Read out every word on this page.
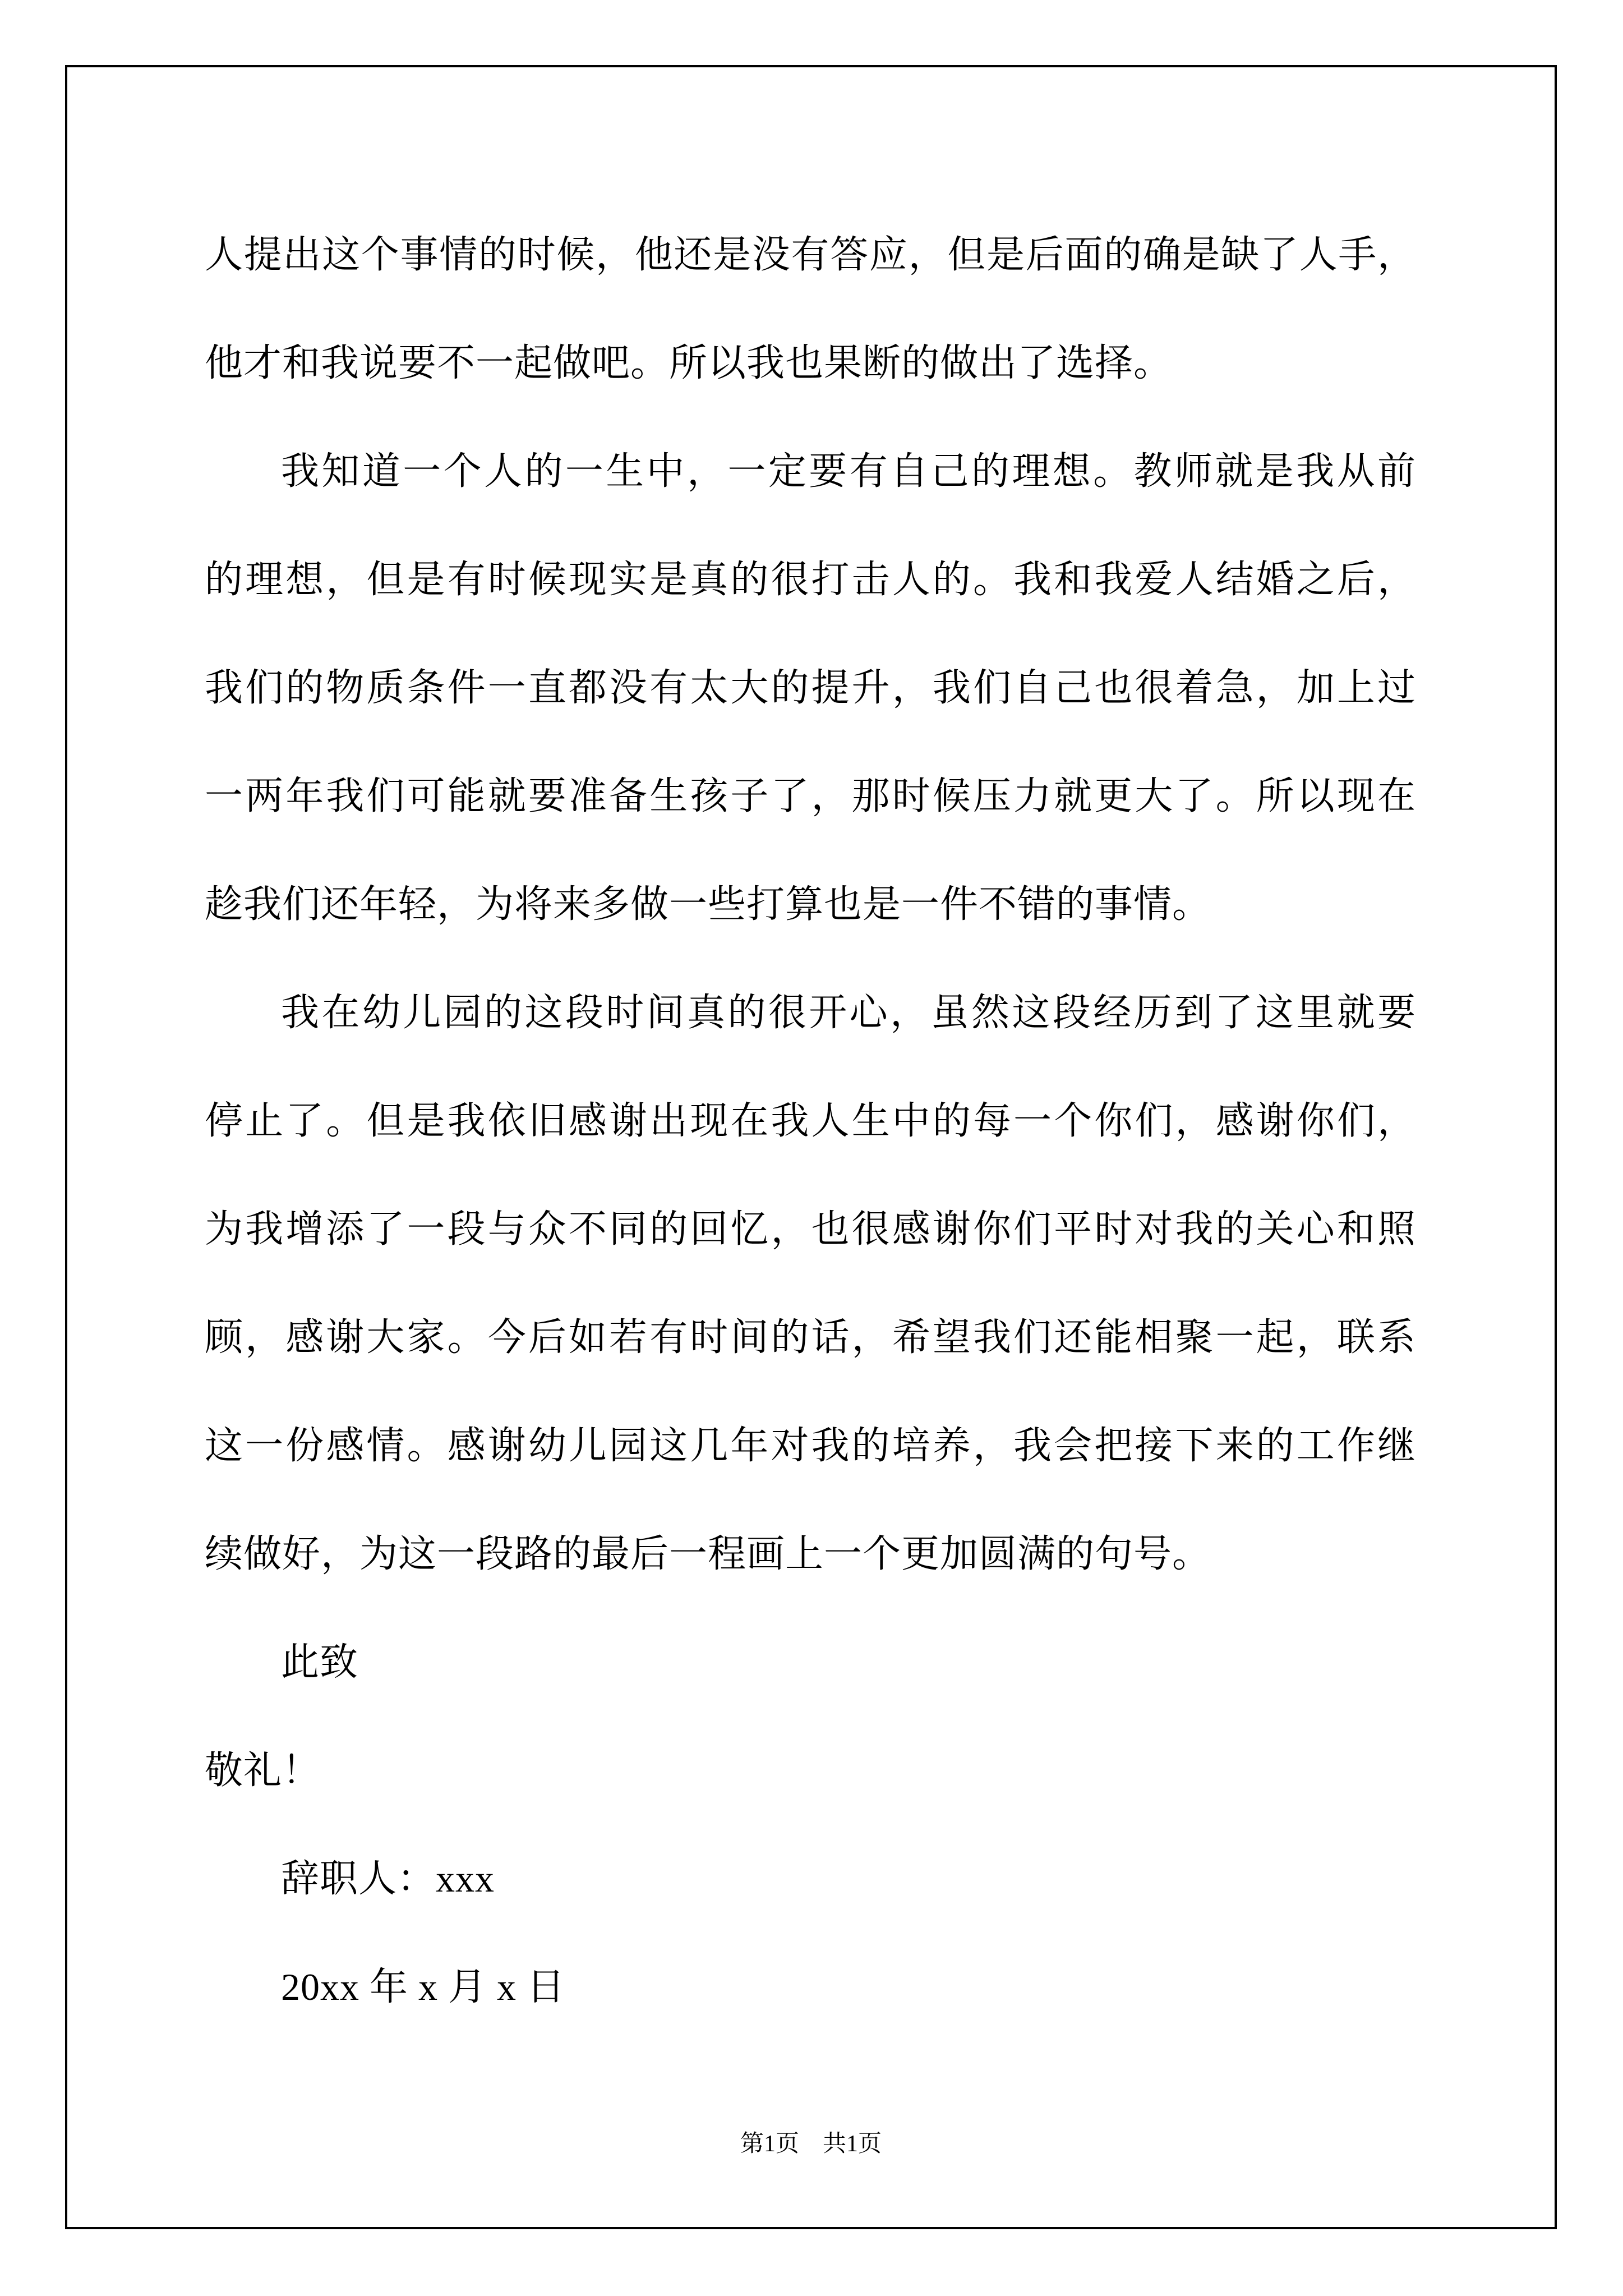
人提出这个事情的时候，他还是没有答应，但是后面的确是缺了人手，
他才和我说要不一起做吧。所以我也果断的做出了选择。
我知道一个人的一生中，一定要有自己的理想。教师就是我从前
的理想，但是有时候现实是真的很打击人的。我和我爱人结婚之后，
我们的物质条件一直都没有太大的提升，我们自己也很着急，加上过
一两年我们可能就要准备生孩子了，那时候压力就更大了。所以现在
趁我们还年轻，为将来多做一些打算也是一件不错的事情。
我在幼儿园的这段时间真的很开心，虽然这段经历到了这里就要
停止了。但是我依旧感谢出现在我人生中的每一个你们，感谢你们，
为我增添了一段与众不同的回忆，也很感谢你们平时对我的关心和照
顾，感谢大家。今后如若有时间的话，希望我们还能相聚一起，联系
这一份感情。感谢幼儿园这几年对我的培养，我会把接下来的工作继
续做好，为这一段路的最后一程画上一个更加圆满的句号。
此致
敬礼！
辞职人：xxx
20xx 年 x 月 x 日
第1页　共1页
